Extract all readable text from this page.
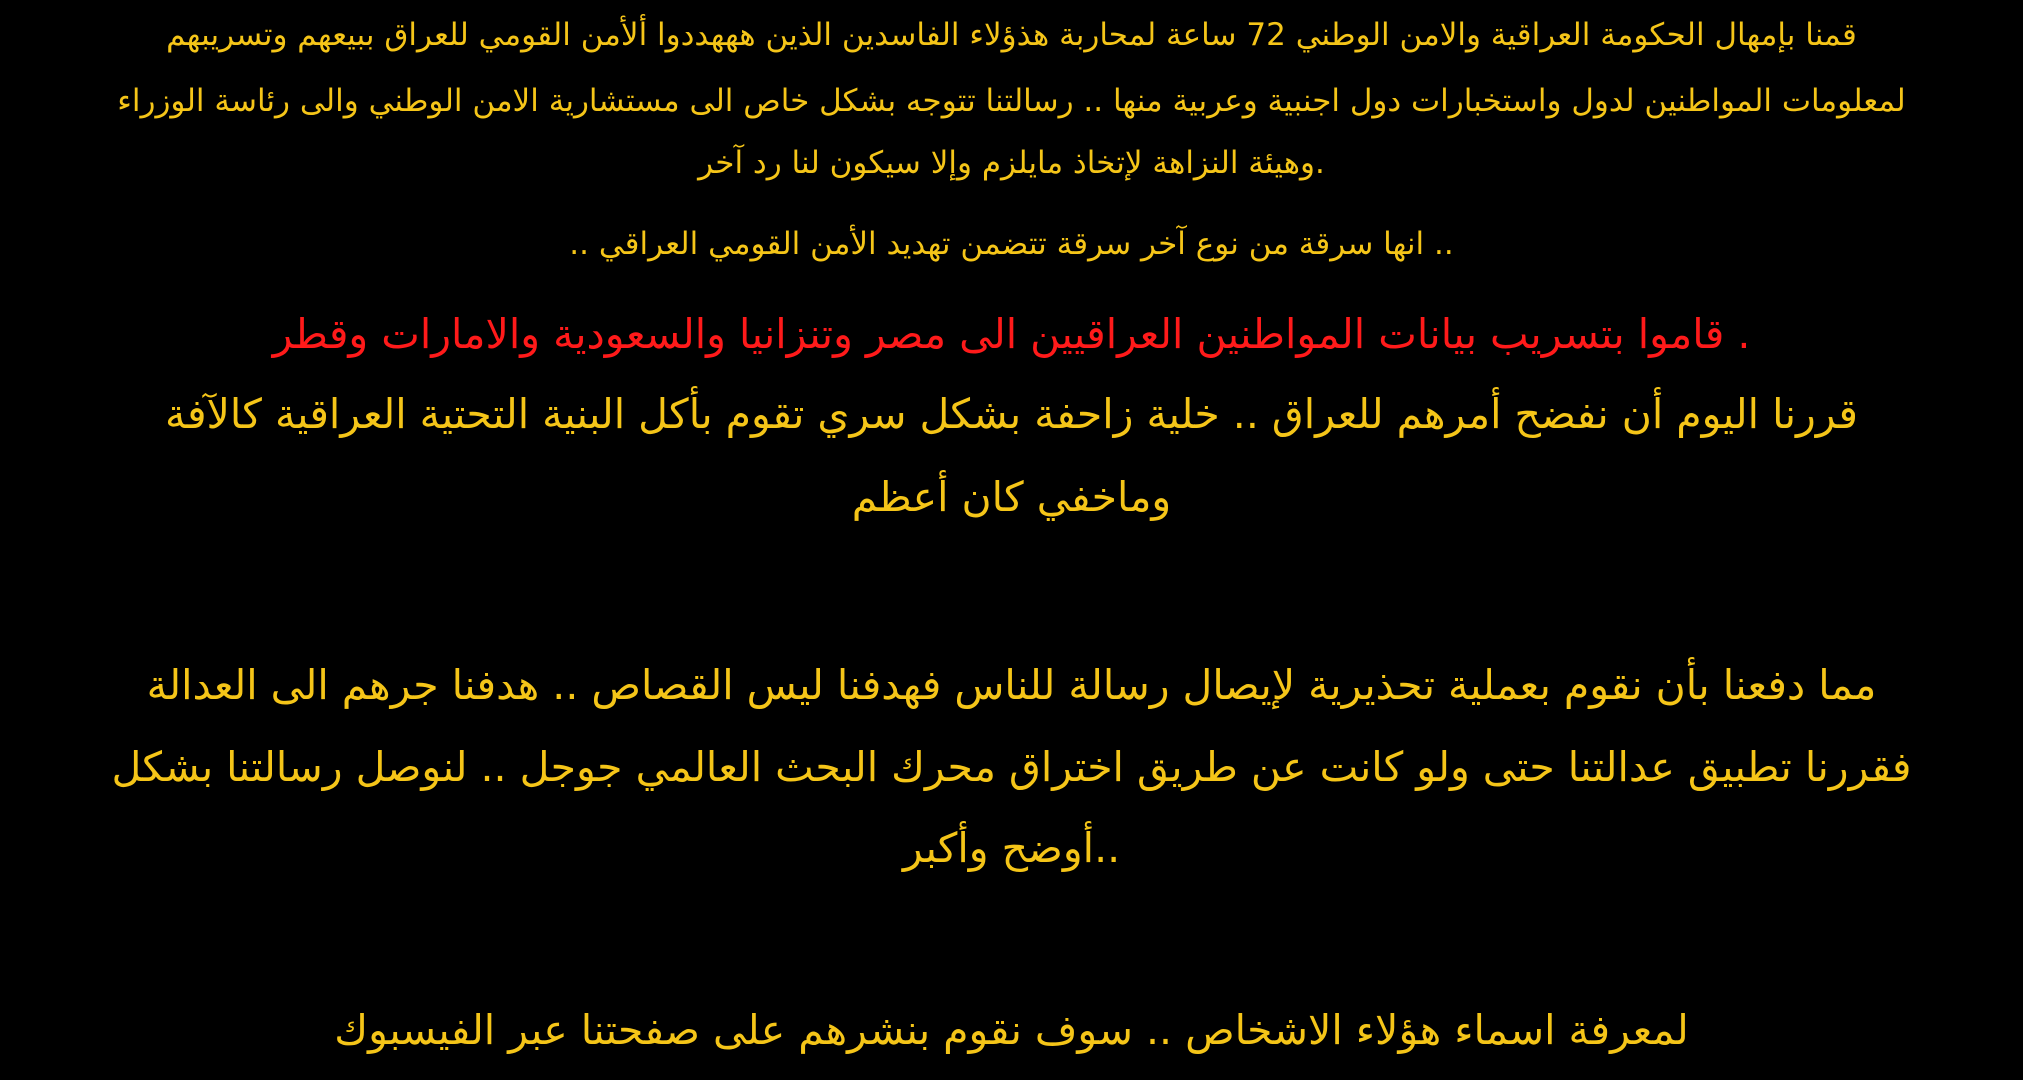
قمنا بإمهال الحكومة العراقية والامن الوطني 72 ساعة لمحاربة هذؤلاء الفاسدين الذين هههددوا ألأمن القومي للعراق ببيعهم وتسريبهم
لمعلومات المواطنين لدول واستخبارات دول اجنبية وعربية منها .. رسالتنا تتوجه بشكل خاص الى مستشارية الامن الوطني والى رئاسة الوزراء
.وهيئة النزاهة لإتخاذ مايلزم وإلا سيكون لنا رد آخر
.. انها سرقة من نوع آخر سرقة تتضمن تهديد الأمن القومي العراقي ..
. قاموا بتسريب بيانات المواطنين العراقيين الى مصر وتنزانيا والسعودية والامارات وقطر
قررنا اليوم أن نفضح أمرهم للعراق .. خلية زاحفة بشكل سري تقوم بأكل البنية التحتية العراقية كالآفة
وماخفي كان أعظم
مما دفعنا بأن نقوم بعملية تحذيرية لإيصال رسالة للناس فهدفنا ليس القصاص .. هدفنا جرهم الى العدالة
فقررنا تطبيق عدالتنا حتى ولو كانت عن طريق اختراق محرك البحث العالمي جوجل .. لنوصل رسالتنا بشكل
..أوضح وأكبر
لمعرفة اسماء هؤلاء الاشخاص .. سوف نقوم بنشرهم على صفحتنا عبر الفيسبوك
